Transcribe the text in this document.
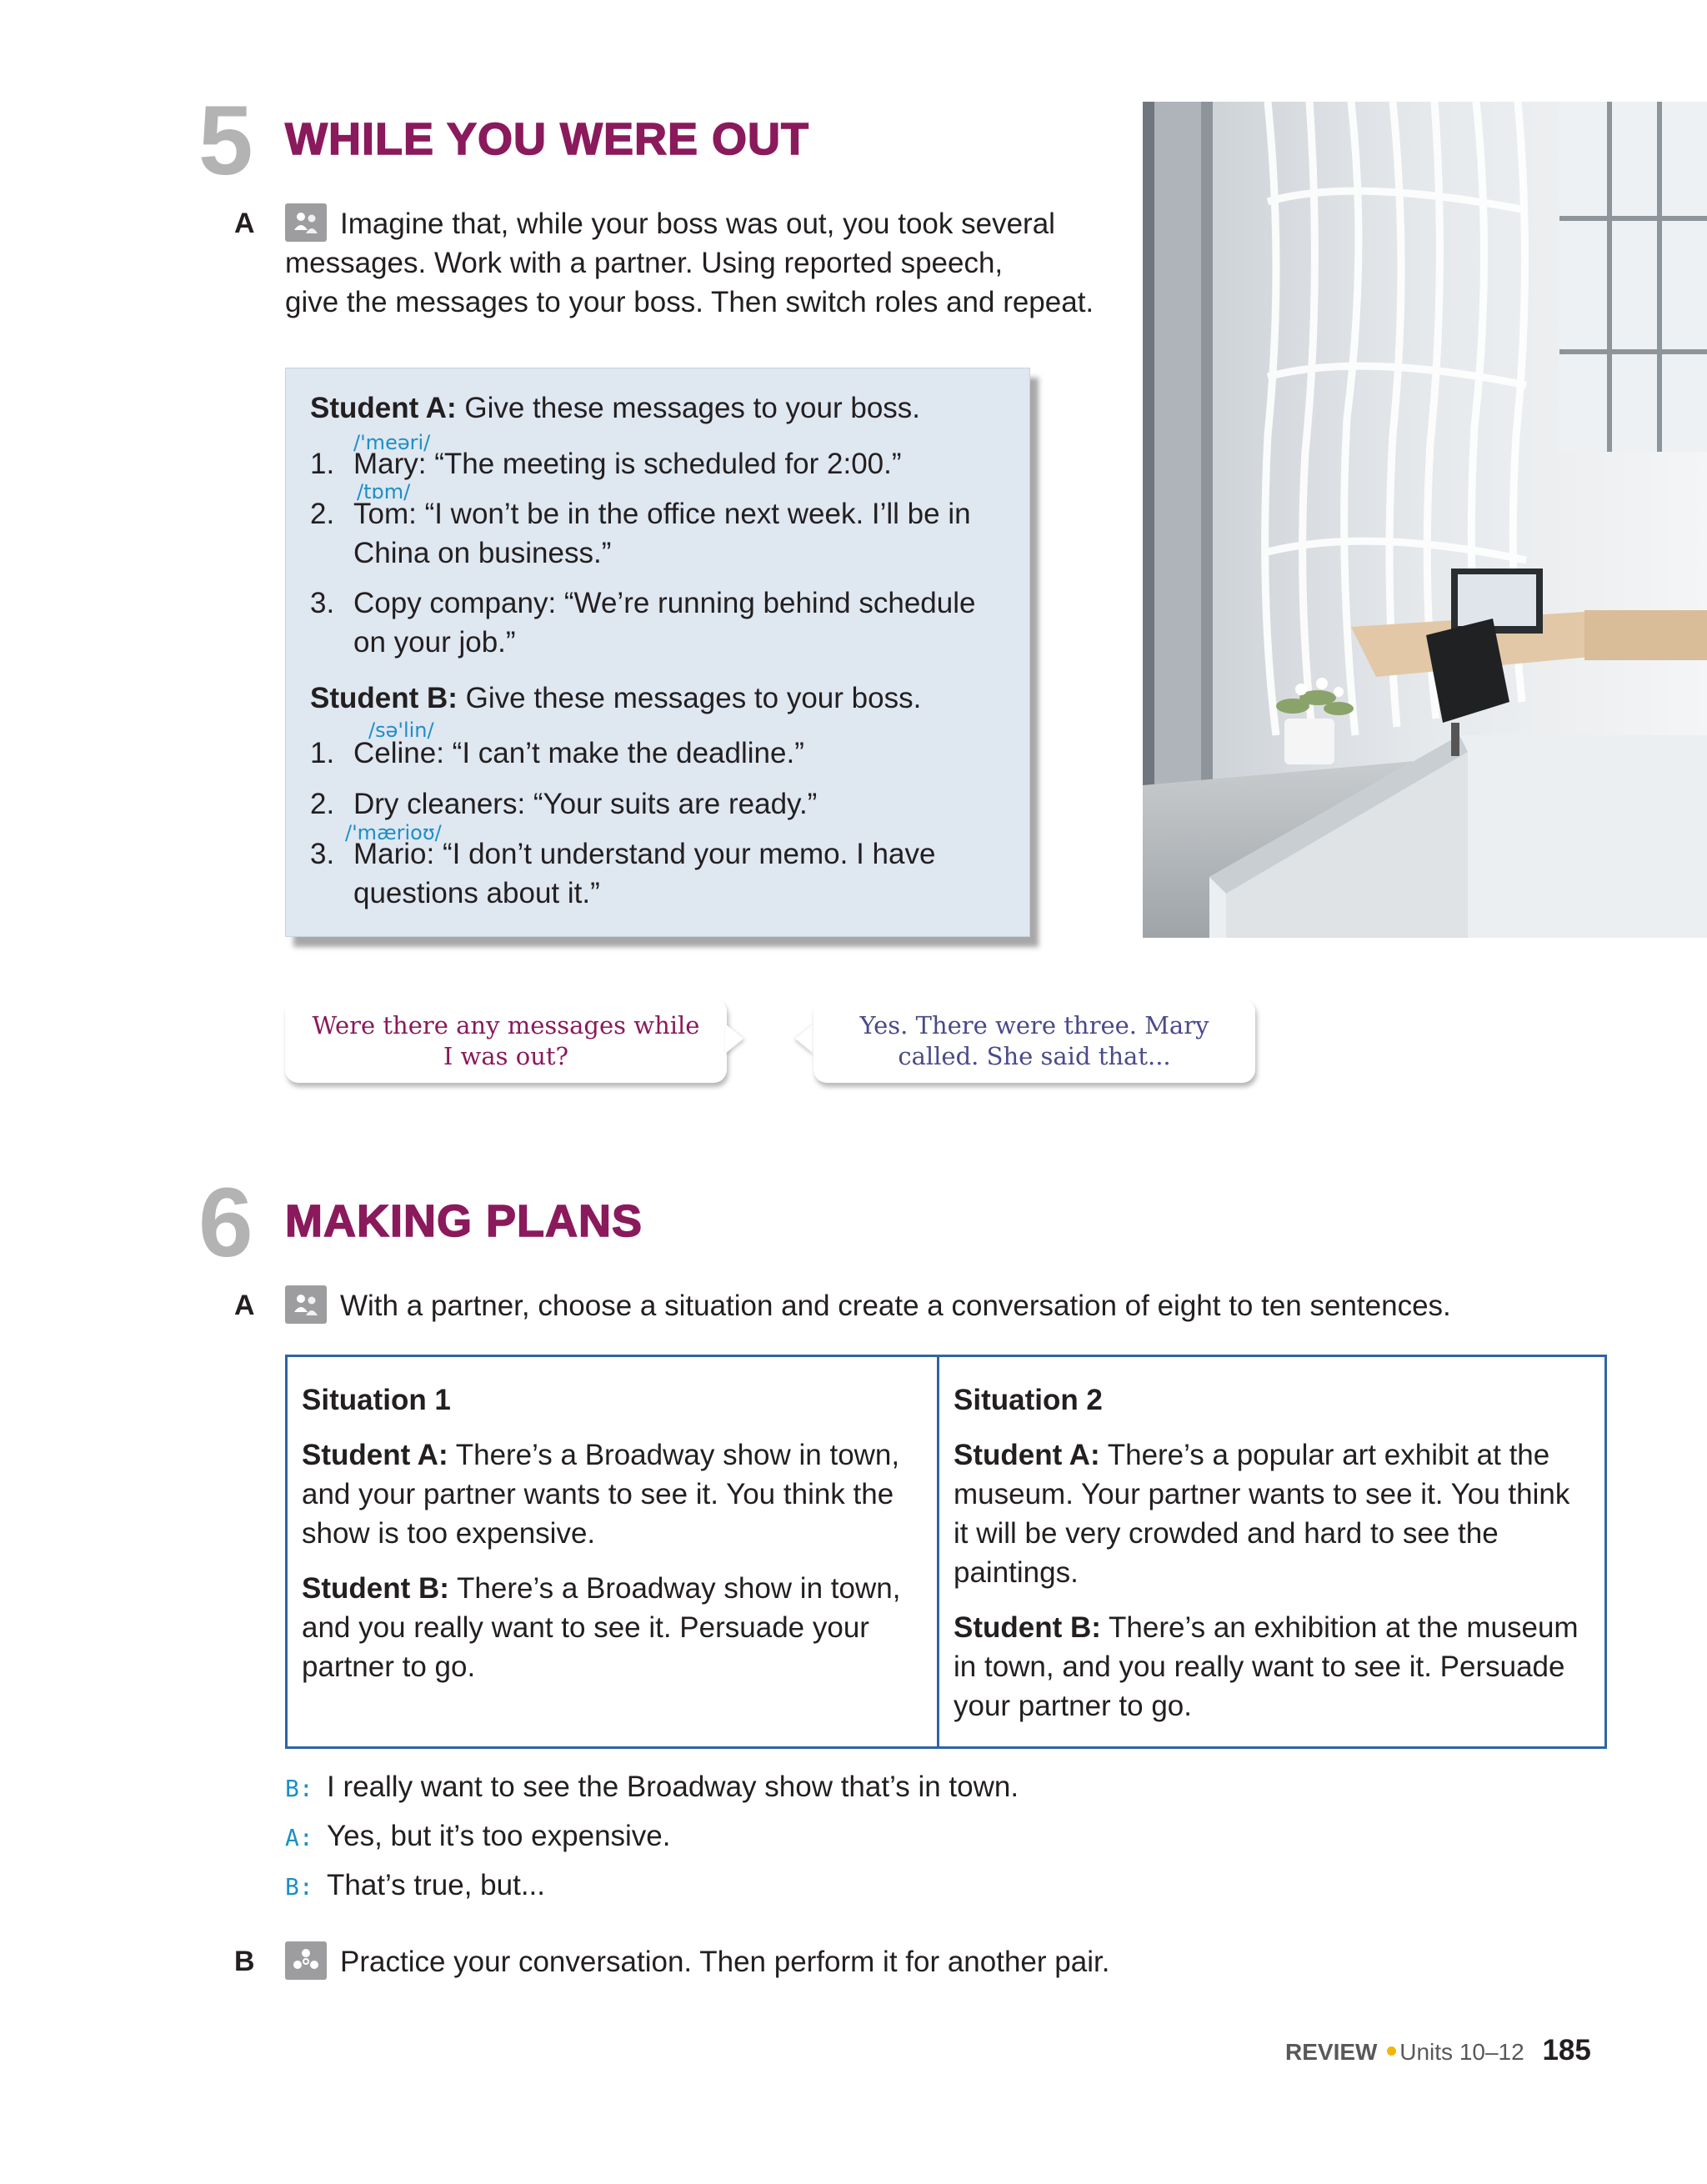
5 WHILE YOU WERE OUT
A	Imagine that, while your boss was out, you took several
messages. Work with a partner. Using reported speech,
give the messages to your boss. Then switch roles and repeat.
Student A: Give these messages to your boss.
/'meəri/
1. Mary: “The meeting is scheduled for 2:00.”
/tɒm/
2. Tom: “I won’t be in the office next week. I’ll be in
China on business.”
3. Copy company: “We’re running behind schedule
on your job.”
Student B: Give these messages to your boss.
/sə'lin/
1. Celine: “I can’t make the deadline.”
2. Dry cleaners: “Your suits are ready.”
/'mæriоʊ/
3. Mario: “I don’t understand your memo. I have
questions about it.”
Were there any messages while
I was out?
Yes. There were three. Mary
called. She said that...
6 MAKING PLANS
A	With a partner, choose a situation and create a conversation of eight to ten sentences.

Situation 1

Student A: There’s a Broadway show in town, and your partner wants to see it. You think the show is too expensive.

Student B: There’s a Broadway show in town, and you really want to see it. Persuade your partner to go.

Situation 2

Student A: There’s a popular art exhibit at the museum. Your partner wants to see it. You think it will be very crowded and hard to see the paintings.

Student B: There’s an exhibition at the museum in town, and you really want to see it. Persuade your partner to go.

B: I really want to see the Broadway show that’s in town.
A: Yes, but it’s too expensive.
B: That’s true, but...
B	Practice your conversation. Then perform it for another pair.
REVIEW Units 10–12 185
